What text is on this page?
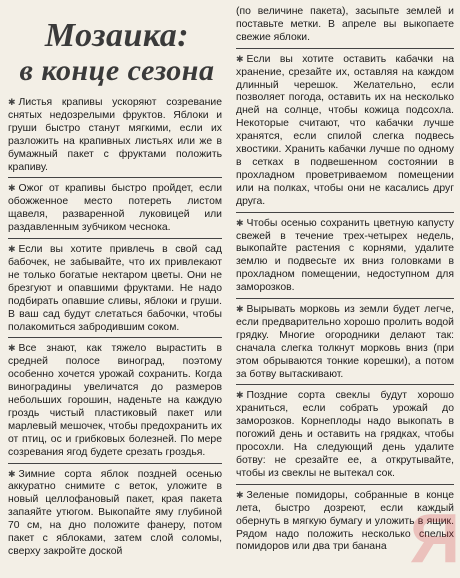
Мозаика:
в конце сезона

✱ Листья крапивы ускоряют созревание снятых недозрелыми фруктов. Яблоки и груши быстро станут мягкими, если их разложить на крапивных листьях или же в бумажный пакет с фруктами положить крапиву.

✱ Ожог от крапивы быстро пройдет, если обожженное место потереть листом щавеля, разваренной луковицей или раздавленным зубчиком чеснока.

✱ Если вы хотите привлечь в свой сад бабочек, не забывайте, что их привлекают не только богатые нектаром цветы. Они не брезгуют и опавшими фруктами. Не надо подбирать опавшие сливы, яблоки и груши. В ваш сад будут слетаться бабочки, чтобы полакомиться забродившим соком.

✱ Все знают, как тяжело вырастить в средней полосе виноград, поэтому особенно хочется урожай сохранить. Когда виноградины увеличатся до размеров небольших горошин, наденьте на каждую гроздь чистый пластиковый пакет или марлевый мешочек, чтобы предохранить их от птиц, ос и грибковых болезней. По мере созревания ягод будете срезать гроздья.

✱ Зимние сорта яблок поздней осенью аккуратно снимите с веток, уложите в новый целлофановый пакет, края пакета запаяйте утюгом. Выкопайте яму глубиной 70 см, на дно положите фанеру, потом пакет с яблоками, затем слой соломы, сверху закройте доской

(по величине пакета), засыпьте землей и поставьте метки. В апреле вы выкопаете свежие яблоки.

✱ Если вы хотите оставить кабачки на хранение, срезайте их, оставляя на каждом длинный черешок. Желательно, если позволяет погода, оставить их на несколько дней на солнце, чтобы кожица подсохла. Некоторые считают, что кабачки лучше хранятся, если спилой слегка подвесь хвостики. Хранить кабачки лучше по одному в сетках в подвешенном состоянии в прохладном проветриваемом помещении или на полках, чтобы они не касались друг друга.

✱ Чтобы осенью сохранить цветную капусту свежей в течение трех-четырех недель, выкопайте растения с корнями, удалите землю и подвесьте их вниз головками в прохладном помещении, недоступном для заморозков.

✱ Вырывать морковь из земли будет легче, если предварительно хорошо пролить водой грядку. Многие огородники делают так: сначала слегка толкнут морковь вниз (при этом обрываются тонкие корешки), а потом за ботву вытаскивают.

✱ Поздние сорта свеклы будут хорошо храниться, если собрать урожай до заморозков. Корнеплоды надо выкопать в погожий день и оставить на грядках, чтобы просохли. На следующий день удалите ботву: не срезайте ее, а открутывайте, чтобы из свеклы не вытекал сок.

✱ Зеленые помидоры, собранные в конце лета, быстро дозреют, если каждый обернуть в мягкую бумагу и уложить в ящик. Рядом надо положить несколько спелых помидоров или два три банана Я
